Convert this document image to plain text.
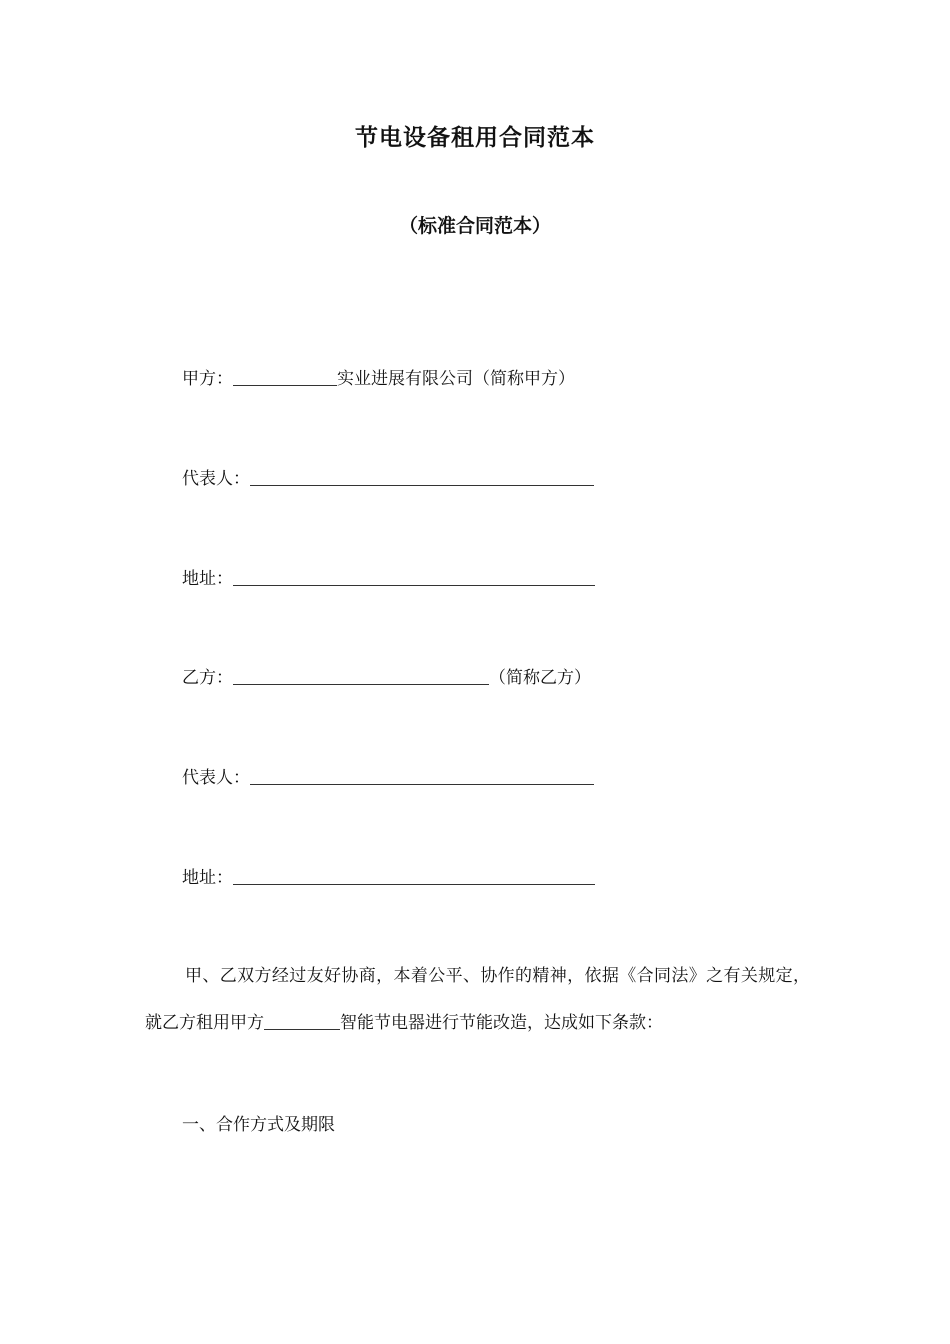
节电设备租用合同范本
（标准合同范本）
甲方：	实业进展有限公司（简称甲方）
代表人：
地址：
乙方：	（简称乙方）
代表人：
地址：
甲、乙双方经过友好协商，本着公平、协作的精神，依据《合同法》之有关规定，就乙方租用甲方	智能节电器进行节能改造，达成如下条款：
一、合作方式及期限
